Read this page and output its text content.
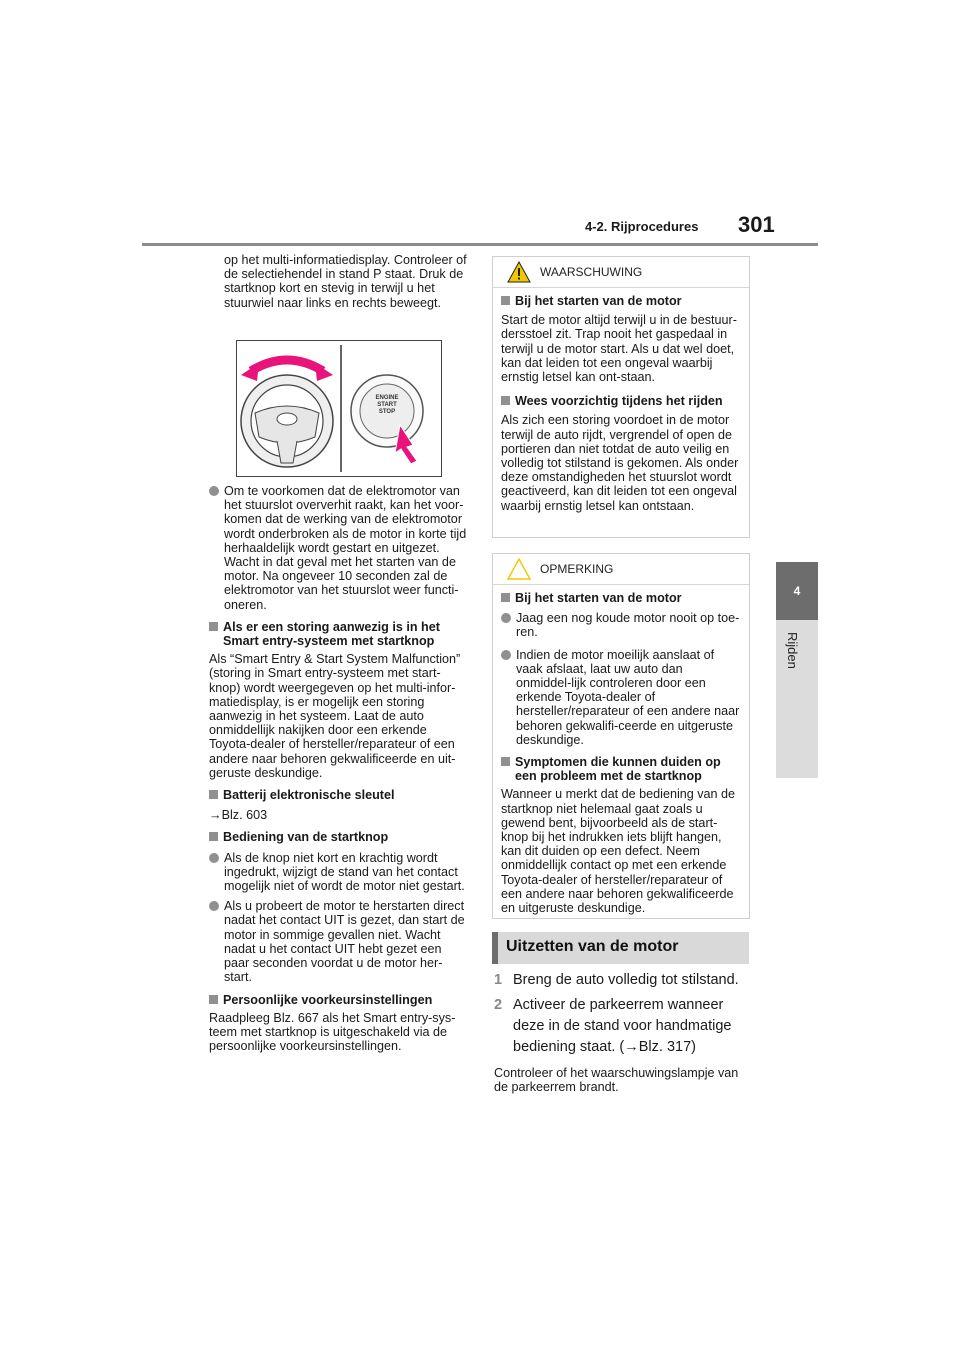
4-2. Rijprocedures 301
4
Rijden

op het multi-informatiedisplay. Controleer of de selectiehendel in stand P staat. Druk de startknop kort en stevig in terwijl u het stuurwiel naar links en rechts beweegt.

ENGINE
START
STOP

Om te voorkomen dat de elektromotor van het stuurslot oververhit raakt, kan het voor-komen dat de werking van de elektromotor wordt onderbroken als de motor in korte tijd herhaaldelijk wordt gestart en uitgezet. Wacht in dat geval met het starten van de motor. Na ongeveer 10 seconden zal de elektromotor van het stuurslot weer functi-oneren.

Als er een storing aanwezig is in het Smart entry-systeem met startknop

Als “Smart Entry & Start System Malfunction” (storing in Smart entry-systeem met start-knop) wordt weergegeven op het multi-infor-matiedisplay, is er mogelijk een storing aanwezig in het systeem. Laat de auto onmiddellijk nakijken door een erkende Toyota-dealer of hersteller/reparateur of een andere naar behoren gekwalificeerde en uit-geruste deskundige.

Batterij elektronische sleutel

→Blz. 603

Bediening van de startknop

Als de knop niet kort en krachtig wordt ingedrukt, wijzigt de stand van het contact mogelijk niet of wordt de motor niet gestart.

Als u probeert de motor te herstarten direct nadat het contact UIT is gezet, dan start de motor in sommige gevallen niet. Wacht nadat u het contact UIT hebt gezet een paar seconden voordat u de motor her-start.

Persoonlijke voorkeursinstellingen

Raadpleeg Blz. 667 als het Smart entry-sys-teem met startknop is uitgeschakeld via de persoonlijke voorkeursinstellingen.

WAARSCHUWING

Bij het starten van de motor

Start de motor altijd terwijl u in de bestuur-dersstoel zit. Trap nooit het gaspedaal in terwijl u de motor start. Als u dat wel doet, kan dat leiden tot een ongeval waarbij ernstig letsel kan ont-staan.

Wees voorzichtig tijdens het rijden

Als zich een storing voordoet in de motor terwijl de auto rijdt, vergrendel of open de portieren dan niet totdat de auto veilig en volledig tot stilstand is gekomen. Als onder deze omstandigheden het stuurslot wordt geactiveerd, kan dit leiden tot een ongeval waarbij ernstig letsel kan ontstaan.

OPMERKING

Bij het starten van de motor

Jaag een nog koude motor nooit op toe-ren.

Indien de motor moeilijk aanslaat of vaak afslaat, laat uw auto dan onmiddel-lijk controleren door een erkende Toyota-dealer of hersteller/reparateur of een andere naar behoren gekwalifi-ceerde en uitgeruste deskundige.

Symptomen die kunnen duiden op een probleem met de startknop

Wanneer u merkt dat de bediening van de startknop niet helemaal gaat zoals u gewend bent, bijvoorbeeld als de start-knop bij het indrukken iets blijft hangen, kan dit duiden op een defect. Neem onmiddellijk contact op met een erkende Toyota-dealer of hersteller/reparateur of een andere naar behoren gekwalificeerde en uitgeruste deskundige.

Uitzetten van de motor
1 Breng de auto volledig tot stilstand.
2 Activeer de parkeerrem wanneer deze in de stand voor handmatige bediening staat. (→Blz. 317)

Controleer of het waarschuwingslampje van de parkeerrem brandt.
